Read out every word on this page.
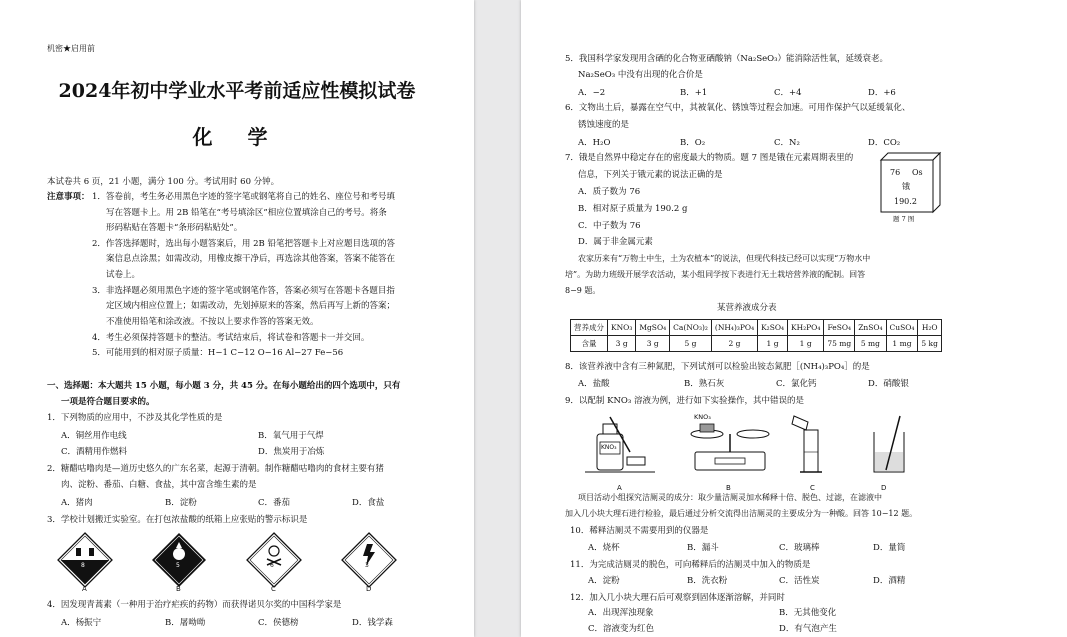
机密★启用前
2024年初中学业水平考前适应性模拟试卷
化 学
本试卷共 6 页，21 小题，满分 100 分。考试用时 60 分钟。
注意事项： 1．答卷前，考生务必用黑色字迹的签字笔或钢笔将自己的姓名、座位号和考号填
写在答题卡上。用 2B 铅笔在“考号填涂区”相应位置填涂自己的考号。将条
形码粘贴在答题卡“条形码粘贴处”。
2．作答选择题时，选出每小题答案后，用 2B 铅笔把答题卡上对应题目选项的答
案信息点涂黑；如需改动，用橡皮擦干净后，再选涂其他答案，答案不能答在
试卷上。
3．非选择题必须用黑色字迹的签字笔或钢笔作答，答案必须写在答题卡各题目指
定区域内相应位置上；如需改动，先划掉原来的答案，然后再写上新的答案；
不准使用铅笔和涂改液。不按以上要求作答的答案无效。
4．考生必须保持答题卡的整洁。考试结束后，将试卷和答题卡一并交回。
5．可能用到的相对原子质量：H−1 C−12 O−16 Al−27 Fe−56
一、选择题：本大题共 15 小题，每小题 3 分，共 45 分。在每小题给出的四个选项中，只有
一项是符合题目要求的。
1．下列物质的应用中，不涉及其化学性质的是
A．铜丝用作电线	B．氧气用于气焊
C．酒精用作燃料	D．焦炭用于冶炼
2．糖醋咕噜肉是—道历史悠久的广东名菜，起源于清朝。制作糖醋咕噜肉的食材主要有猪
肉、淀粉、番茄、白糖、食盐，其中富含维生素的是
A．猪肉	B．淀粉	C．番茄	D．食盐
3．学校计划搬迁实验室。在打包浓盐酸的纸箱上应张贴的警示标识是
8	5	6	3
A	B	C	D
4．因发现青蒿素（一种用于治疗疟疾的药物）而获得诺贝尔奖的中国科学家是
A．杨振宁	B．屠呦呦	C．侯德榜	D．钱学森
5．我国科学家发现用含硒的化合物亚硒酸钠（Na₂SeO₃）能消除活性氧，延缓衰老。
Na₂SeO₃ 中没有出现的化合价是
A．−2	B．+1	C．+4	D．+6
6．文物出土后，暴露在空气中，其被氧化、锈蚀等过程会加速。可用作保护气以延缓氧化、
锈蚀速度的是
A．H₂O	B．O₂	C．N₂	D．CO₂
7．锇是自然界中稳定存在的密度最大的物质。题 7 图是锇在元素周期表里的
信息，下列关于锇元素的说法正确的是
A．质子数为 76
B．相对原子质量为 190.2 g
C．中子数为 76
D．属于非金属元素
76 Os
锇
190.2
题 7 图
农家历来有“万物土中生，土为农植本”的说法，但现代科技已经可以实现“万物水中
培”。为助力班级开展学农活动，某小组同学按下表进行无土栽培营养液的配制。回答
8−9 题。
某营养液成分表
营养成分	KNO₃	MgSO₄	Ca(NO₃)₂	(NH₄)₃PO₄	K₂SO₄	KH₂PO₄	FeSO₄	ZnSO₄	CuSO₄	H₂O
含量	3 g	3 g	5 g	2 g	1 g	1 g	75 mg	5 mg	1 mg	5 kg
8．该营养液中含有三种氮肥，下列试剂可以检验出铵态氮肥［(NH₄)₃PO₄］的是
A．盐酸	B．熟石灰	C．氯化钙	D．硝酸银
9．以配制 KNO₃ 溶液为例，进行如下实验操作，其中错误的是
KNO₃
KNO₃
A	B	C	D
项目活动小组探究洁厕灵的成分：取少量洁厕灵加水稀释十倍、脱色、过滤，在滤液中
加入几小块大理石进行检验，最后通过分析交流得出洁厕灵的主要成分为一种酸。回答 10−12 题。
10．稀释洁厕灵不需要用到的仪器是
A．烧杯	B．漏斗	C．玻璃棒	D．量筒
11．为完成洁厕灵的脱色，可向稀释后的洁厕灵中加入的物质是
A．淀粉	B．洗衣粉	C．活性炭	D．酒精
12．加入几小块大理石后可观察到固体逐渐溶解，并同时
A．出现浑浊现象	B．无其他变化
C．溶液变为红色	D．有气泡产生
